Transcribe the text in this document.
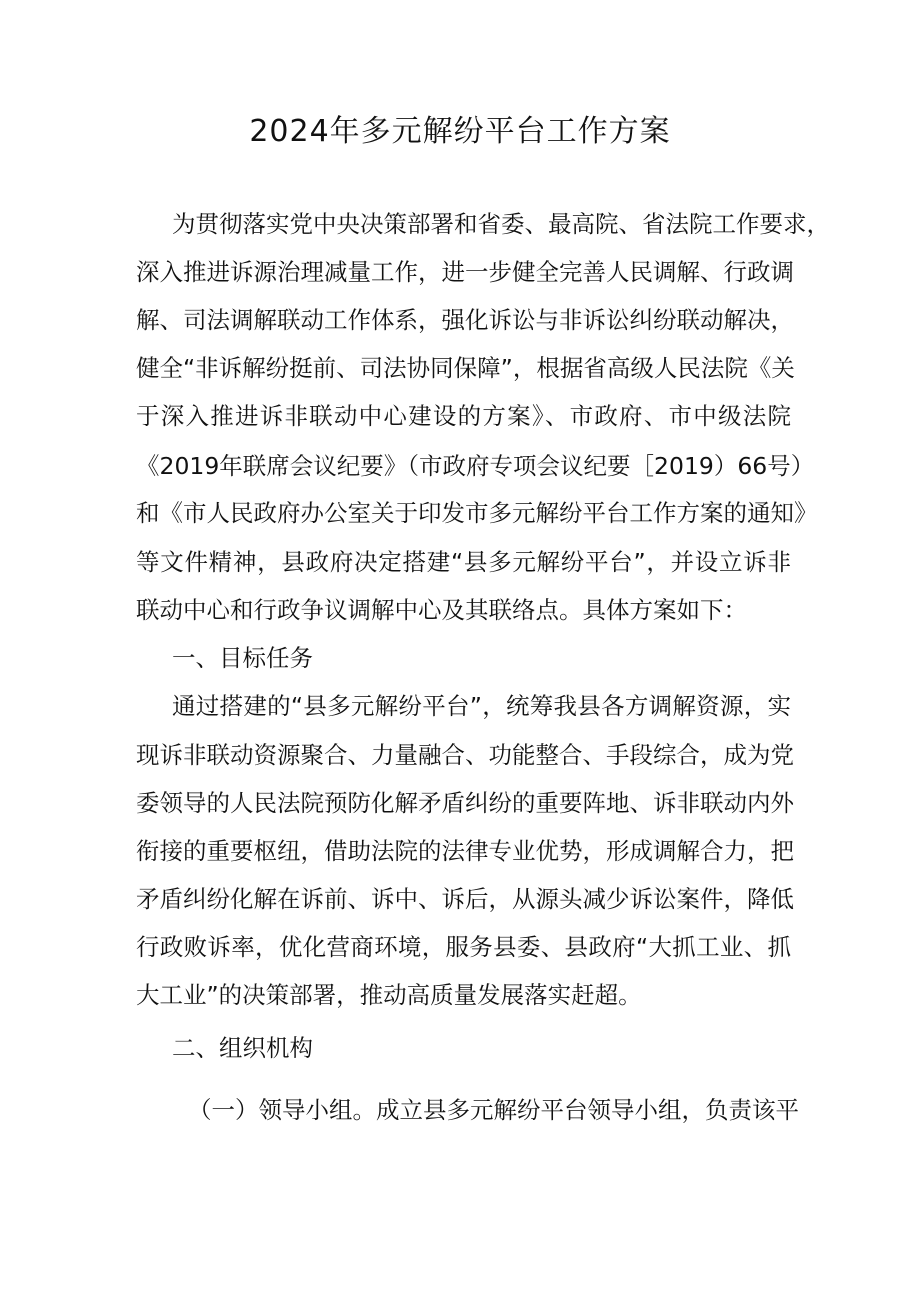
2024年多元解纷平台工作方案
为贯彻落实党中央决策部署和省委、最高院、省法院工作要求，
深入推进诉源治理减量工作，进一步健全完善人民调解、行政调
解、司法调解联动工作体系，强化诉讼与非诉讼纠纷联动解决，
健全“非诉解纷挺前、司法协同保障”，根据省高级人民法院《关
于深入推进诉非联动中心建设的方案》、市政府、市中级法院
《2019年联席会议纪要》（市政府专项会议纪要［2019）66号）
和《市人民政府办公室关于印发市多元解纷平台工作方案的通知》
等文件精神，县政府决定搭建“县多元解纷平台”，并设立诉非
联动中心和行政争议调解中心及其联络点。具体方案如下：
一、目标任务
通过搭建的“县多元解纷平台”，统筹我县各方调解资源，实
现诉非联动资源聚合、力量融合、功能整合、手段综合，成为党
委领导的人民法院预防化解矛盾纠纷的重要阵地、诉非联动内外
衔接的重要枢纽，借助法院的法律专业优势，形成调解合力，把
矛盾纠纷化解在诉前、诉中、诉后，从源头减少诉讼案件，降低
行政败诉率，优化营商环境，服务县委、县政府“大抓工业、抓
大工业”的决策部署，推动高质量发展落实赶超。
二、组织机构
（一）领导小组。成立县多元解纷平台领导小组，负责该平
